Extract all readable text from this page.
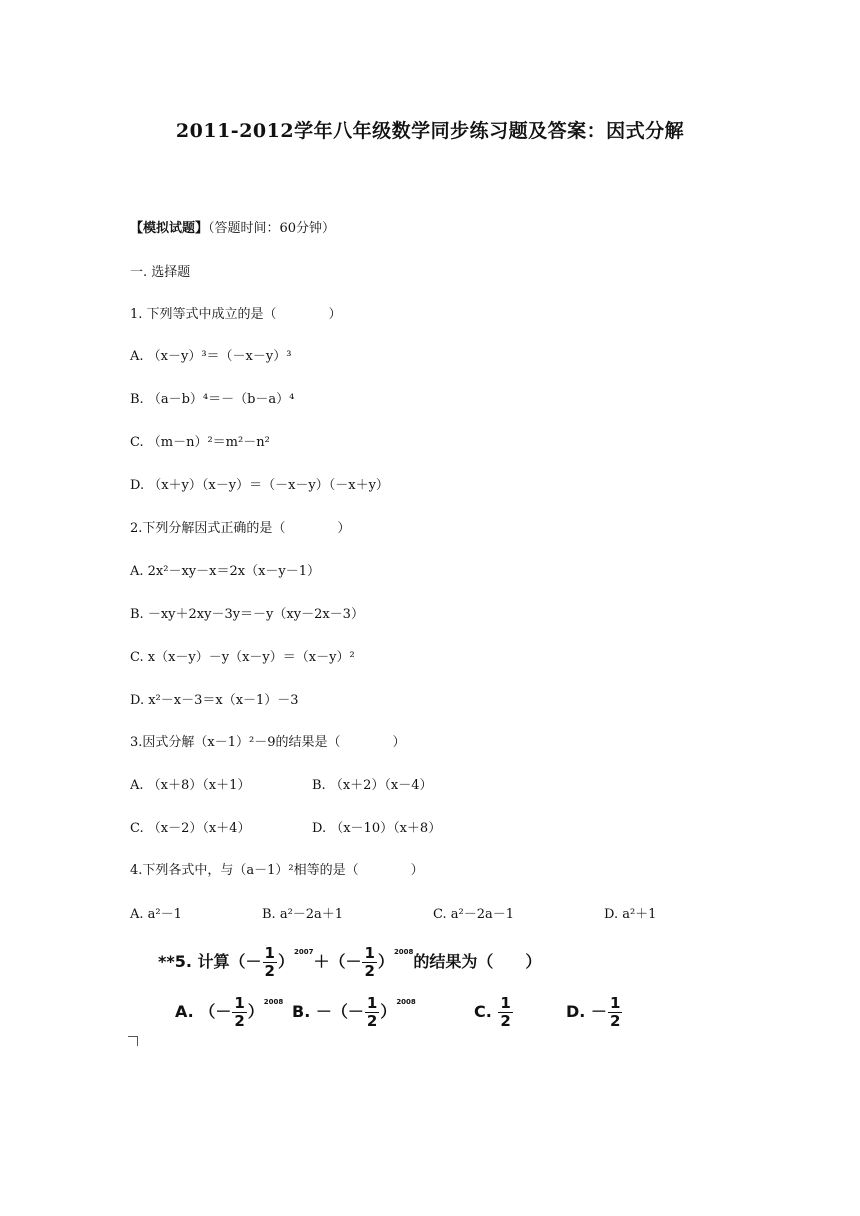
2011-2012学年八年级数学同步练习题及答案：因式分解
【模拟试题】（答题时间：60分钟）
一. 选择题
1. 下列等式中成立的是（　　　　）
A. （x－y）³＝（－x－y）³
B. （a－b）⁴＝－（b－a）⁴
C. （m－n）²＝m²－n²
D. （x＋y）（x－y）＝（－x－y）（－x＋y）
2.下列分解因式正确的是（　　　　）
A. 2x²－xy－x＝2x（x－y－1）
B. －xy＋2xy－3y＝－y（xy－2x－3）
C. x（x－y）－y（x－y）＝（x－y）²
D. x²－x－3＝x（x－1）－3
3.因式分解（x－1）²－9的结果是（　　　　）
A. （x＋8）（x＋1）	B. （x＋2）（x－4）
C. （x－2）（x＋4）	D. （x－10）（x＋8）
4.下列各式中，与（a－1）²相等的是（　　　　）
A. a²－1	B. a²－2a＋1	C. a²－2a－1	D. a²＋1
**5. 计算（－ $\frac{1}{2} )^{2007}+(- \frac{1}{2} )^{2008}$的结果为（　　）
A. （－ $\frac{1}{2} )^{2008}$ B. －（－ $\frac{1}{2} )^{2008}$	C. $\frac{1}{2}$	D. － $\frac{1}{2}$
